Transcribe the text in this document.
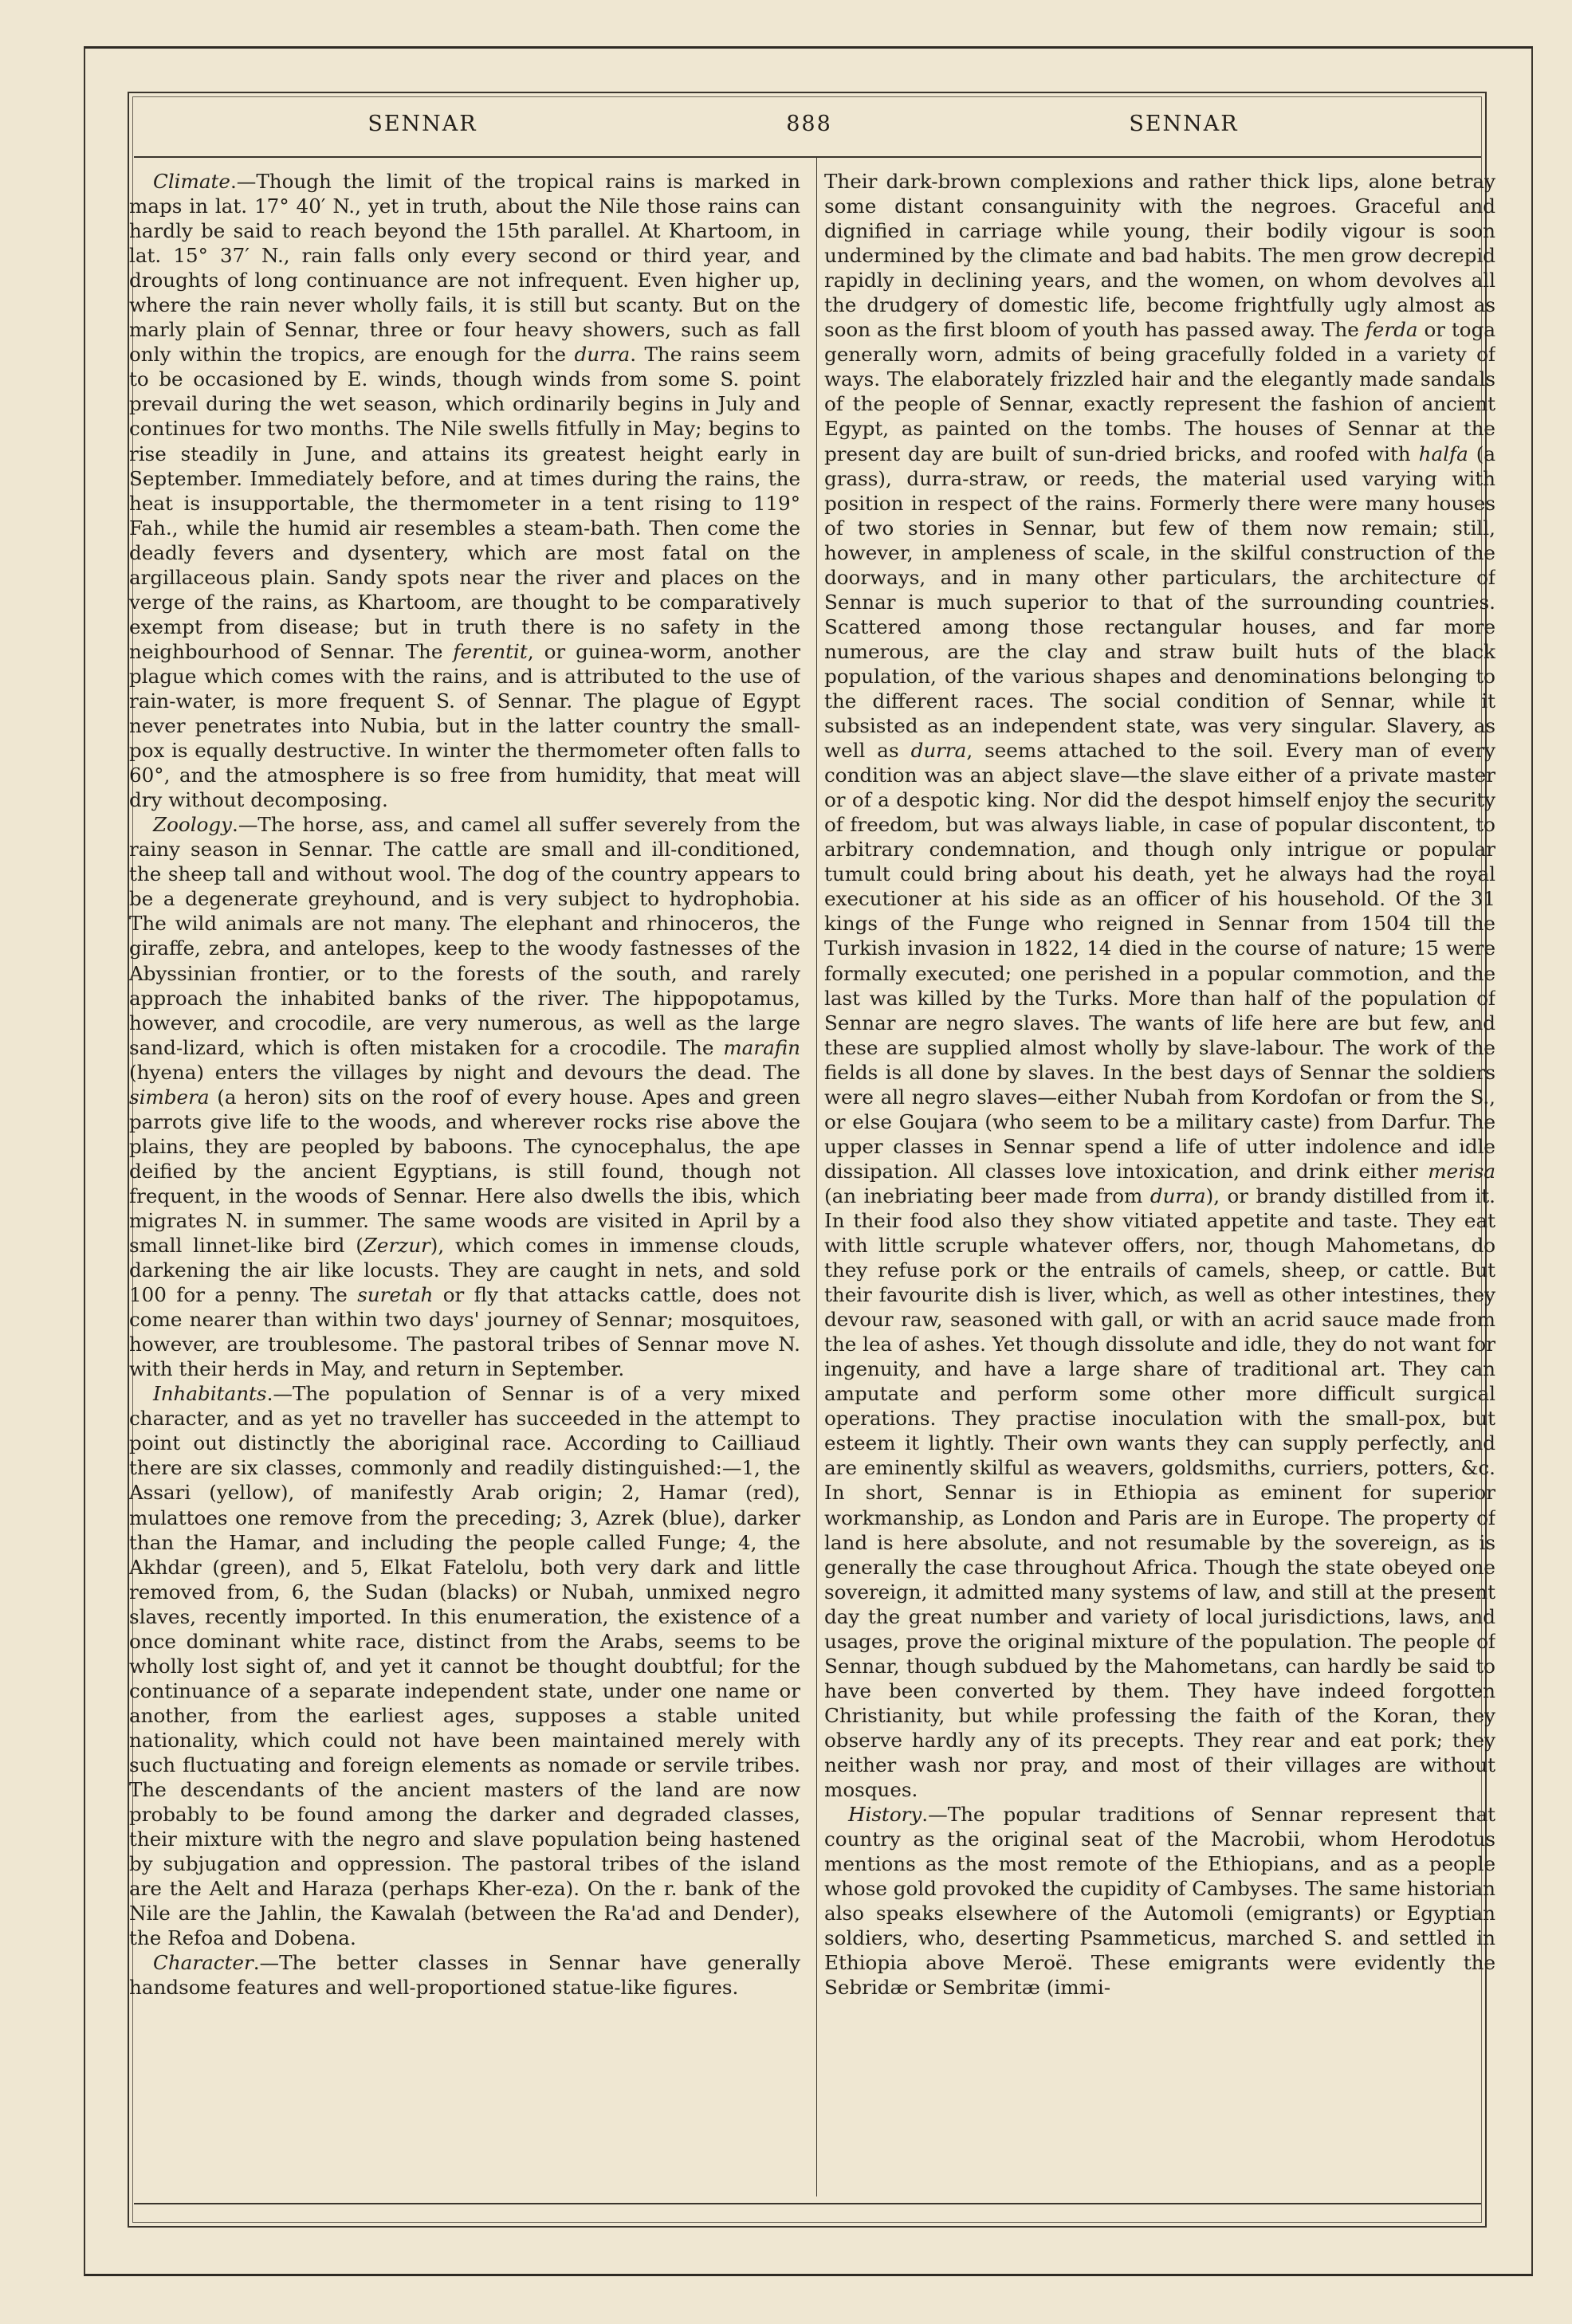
SENNAR	888	SENNAR

Climate.—Though the limit of the tropical rains is marked in maps in lat. 17° 40′ N., yet in truth, about the Nile those rains can hardly be said to reach beyond the 15th parallel. At Khartoom, in lat. 15° 37′ N., rain falls only every second or third year, and droughts of long continuance are not infrequent. Even higher up, where the rain never wholly fails, it is still but scanty. But on the marly plain of Sennar, three or four heavy showers, such as fall only within the tropics, are enough for the durra. The rains seem to be occasioned by E. winds, though winds from some S. point prevail during the wet season, which ordinarily begins in July and continues for two months. The Nile swells fitfully in May; begins to rise steadily in June, and attains its greatest height early in September. Immediately before, and at times during the rains, the heat is insupportable, the thermometer in a tent rising to 119° Fah., while the humid air resembles a steam-bath. Then come the deadly fevers and dysentery, which are most fatal on the argillaceous plain. Sandy spots near the river and places on the verge of the rains, as Khartoom, are thought to be comparatively exempt from disease; but in truth there is no safety in the neighbourhood of Sennar. The ferentit, or guinea-worm, another plague which comes with the rains, and is attributed to the use of rain-water, is more frequent S. of Sennar. The plague of Egypt never penetrates into Nubia, but in the latter country the small-pox is equally destructive. In winter the thermometer often falls to 60°, and the atmosphere is so free from humidity, that meat will dry without decomposing.

Zoology.—The horse, ass, and camel all suffer severely from the rainy season in Sennar. The cattle are small and ill-conditioned, the sheep tall and without wool. The dog of the country appears to be a degenerate greyhound, and is very subject to hydrophobia. The wild animals are not many. The elephant and rhinoceros, the giraffe, zebra, and antelopes, keep to the woody fastnesses of the Abyssinian frontier, or to the forests of the south, and rarely approach the inhabited banks of the river. The hippopotamus, however, and crocodile, are very numerous, as well as the large sand-lizard, which is often mistaken for a crocodile. The marafin (hyena) enters the villages by night and devours the dead. The simbera (a heron) sits on the roof of every house. Apes and green parrots give life to the woods, and wherever rocks rise above the plains, they are peopled by baboons. The cynocephalus, the ape deified by the ancient Egyptians, is still found, though not frequent, in the woods of Sennar. Here also dwells the ibis, which migrates N. in summer. The same woods are visited in April by a small linnet-like bird (Zerzur), which comes in immense clouds, darkening the air like locusts. They are caught in nets, and sold 100 for a penny. The suretah or fly that attacks cattle, does not come nearer than within two days' journey of Sennar; mosquitoes, however, are troublesome. The pastoral tribes of Sennar move N. with their herds in May, and return in September.

Inhabitants.—The population of Sennar is of a very mixed character, and as yet no traveller has succeeded in the attempt to point out distinctly the aboriginal race. According to Cailliaud there are six classes, commonly and readily distinguished:—1, the Assari (yellow), of manifestly Arab origin; 2, Hamar (red), mulattoes one remove from the preceding; 3, Azrek (blue), darker than the Hamar, and including the people called Funge; 4, the Akhdar (green), and 5, Elkat Fatelolu, both very dark and little removed from, 6, the Sudan (blacks) or Nubah, unmixed negro slaves, recently imported. In this enumeration, the existence of a once dominant white race, distinct from the Arabs, seems to be wholly lost sight of, and yet it cannot be thought doubtful; for the continuance of a separate independent state, under one name or another, from the earliest ages, supposes a stable united nationality, which could not have been maintained merely with such fluctuating and foreign elements as nomade or servile tribes. The descendants of the ancient masters of the land are now probably to be found among the darker and degraded classes, their mixture with the negro and slave population being hastened by subjugation and oppression. The pastoral tribes of the island are the Aelt and Haraza (perhaps Kher-eza). On the r. bank of the Nile are the Jahlin, the Kawalah (between the Ra'ad and Dender), the Refoa and Dobena.

Character.—The better classes in Sennar have generally handsome features and well-proportioned statue-like figures.

Their dark-brown complexions and rather thick lips, alone betray some distant consanguinity with the negroes. Graceful and dignified in carriage while young, their bodily vigour is soon undermined by the climate and bad habits. The men grow decrepid rapidly in declining years, and the women, on whom devolves all the drudgery of domestic life, become frightfully ugly almost as soon as the first bloom of youth has passed away. The ferda or toga generally worn, admits of being gracefully folded in a variety of ways. The elaborately frizzled hair and the elegantly made sandals of the people of Sennar, exactly represent the fashion of ancient Egypt, as painted on the tombs. The houses of Sennar at the present day are built of sun-dried bricks, and roofed with halfa (a grass), durra-straw, or reeds, the material used varying with position in respect of the rains. Formerly there were many houses of two stories in Sennar, but few of them now remain; still, however, in ampleness of scale, in the skilful construction of the doorways, and in many other particulars, the architecture of Sennar is much superior to that of the surrounding countries. Scattered among those rectangular houses, and far more numerous, are the clay and straw built huts of the black population, of the various shapes and denominations belonging to the different races. The social condition of Sennar, while it subsisted as an independent state, was very singular. Slavery, as well as durra, seems attached to the soil. Every man of every condition was an abject slave—the slave either of a private master or of a despotic king. Nor did the despot himself enjoy the security of freedom, but was always liable, in case of popular discontent, to arbitrary condemnation, and though only intrigue or popular tumult could bring about his death, yet he always had the royal executioner at his side as an officer of his household. Of the 31 kings of the Funge who reigned in Sennar from 1504 till the Turkish invasion in 1822, 14 died in the course of nature; 15 were formally executed; one perished in a popular commotion, and the last was killed by the Turks. More than half of the population of Sennar are negro slaves. The wants of life here are but few, and these are supplied almost wholly by slave-labour. The work of the fields is all done by slaves. In the best days of Sennar the soldiers were all negro slaves—either Nubah from Kordofan or from the S., or else Goujara (who seem to be a military caste) from Darfur. The upper classes in Sennar spend a life of utter indolence and idle dissipation. All classes love intoxication, and drink either merisa (an inebriating beer made from durra), or brandy distilled from it. In their food also they show vitiated appetite and taste. They eat with little scruple whatever offers, nor, though Mahometans, do they refuse pork or the entrails of camels, sheep, or cattle. But their favourite dish is liver, which, as well as other intestines, they devour raw, seasoned with gall, or with an acrid sauce made from the lea of ashes. Yet though dissolute and idle, they do not want for ingenuity, and have a large share of traditional art. They can amputate and perform some other more difficult surgical operations. They practise inoculation with the small-pox, but esteem it lightly. Their own wants they can supply perfectly, and are eminently skilful as weavers, goldsmiths, curriers, potters, &c. In short, Sennar is in Ethiopia as eminent for superior workmanship, as London and Paris are in Europe. The property of land is here absolute, and not resumable by the sovereign, as is generally the case throughout Africa. Though the state obeyed one sovereign, it admitted many systems of law, and still at the present day the great number and variety of local jurisdictions, laws, and usages, prove the original mixture of the population. The people of Sennar, though subdued by the Mahometans, can hardly be said to have been converted by them. They have indeed forgotten Christianity, but while professing the faith of the Koran, they observe hardly any of its precepts. They rear and eat pork; they neither wash nor pray, and most of their villages are without mosques.

History.—The popular traditions of Sennar represent that country as the original seat of the Macrobii, whom Herodotus mentions as the most remote of the Ethiopians, and as a people whose gold provoked the cupidity of Cambyses. The same historian also speaks elsewhere of the Automoli (emigrants) or Egyptian soldiers, who, deserting Psammeticus, marched S. and settled in Ethiopia above Meroë. These emigrants were evidently the Sebridæ or Sembritæ (immi-
